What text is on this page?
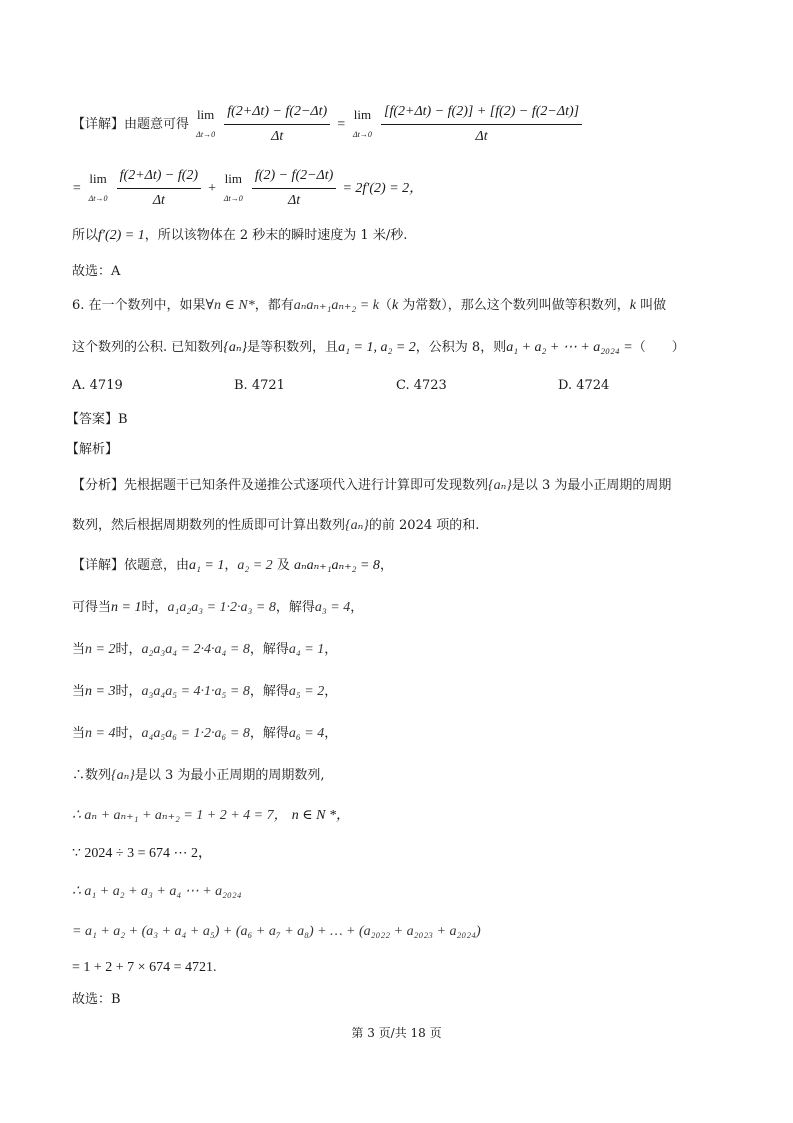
【详解】由题意可得
lim
Δt→0
$\frac{f(2+\Delta t) - f(2-\Delta t)}{\Delta t}$ =
lim
Δt→0
$\frac{[f(2+\Delta t) - f(2)] + [f(2) - f(2-\Delta t)]}{\Delta t}$
=
lim
Δt→0
$\frac{f(2+\Delta t) - f(2)}{\Delta t}$ +
lim
Δt→0
$\frac{f(2) - f(2-\Delta t)}{\Delta t} = 2f'(2) = 2$，
所以f′(2) = 1，所以该物体在 2 秒末的瞬时速度为 1 米/秒.
故选：A
6. 在一个数列中，如果∀n ∈ N*，都有aₙaₙ₊₁aₙ₊₂ = k（k 为常数），那么这个数列叫做等积数列，k 叫做
这个数列的公积. 已知数列{aₙ}是等积数列，且a₁ = 1, a₂ = 2，公积为 8，则a₁ + a₂ + ⋯ + a₂₀₂₄ =（　　）
A. 4719	B. 4721	C. 4723	D. 4724
【答案】B
【解析】
【分析】先根据题干已知条件及递推公式逐项代入进行计算即可发现数列{aₙ}是以 3 为最小正周期的周期
数列，然后根据周期数列的性质即可计算出数列{aₙ}的前 2024 项的和.
【详解】依题意，由a₁ = 1，a₂ = 2 及 aₙaₙ₊₁aₙ₊₂ = 8，
可得当n = 1时，a₁a₂a₃ = 1·2·a₃ = 8，解得a₃ = 4，
当n = 2时，a₂a₃a₄ = 2·4·a₄ = 8，解得a₄ = 1，
当n = 3时，a₃a₄a₅ = 4·1·a₅ = 8，解得a₅ = 2，
当n = 4时，a₄a₅a₆ = 1·2·a₆ = 8，解得a₆ = 4，
∴数列{aₙ}是以 3 为最小正周期的周期数列,
∴ aₙ + aₙ₊₁ + aₙ₊₂ = 1 + 2 + 4 = 7， n ∈ N *，
∵ 2024 ÷ 3 = 674 ⋯ 2，
∴ a₁ + a₂ + a₃ + a₄ ⋯ + a₂₀₂₄
= a₁ + a₂ + (a₃ + a₄ + a₅) + (a₆ + a₇ + a₈) + … + (a₂₀₂₂ + a₂₀₂₃ + a₂₀₂₄)
= 1 + 2 + 7 × 674 = 4721.
故选：B
第 3 页/共 18 页
